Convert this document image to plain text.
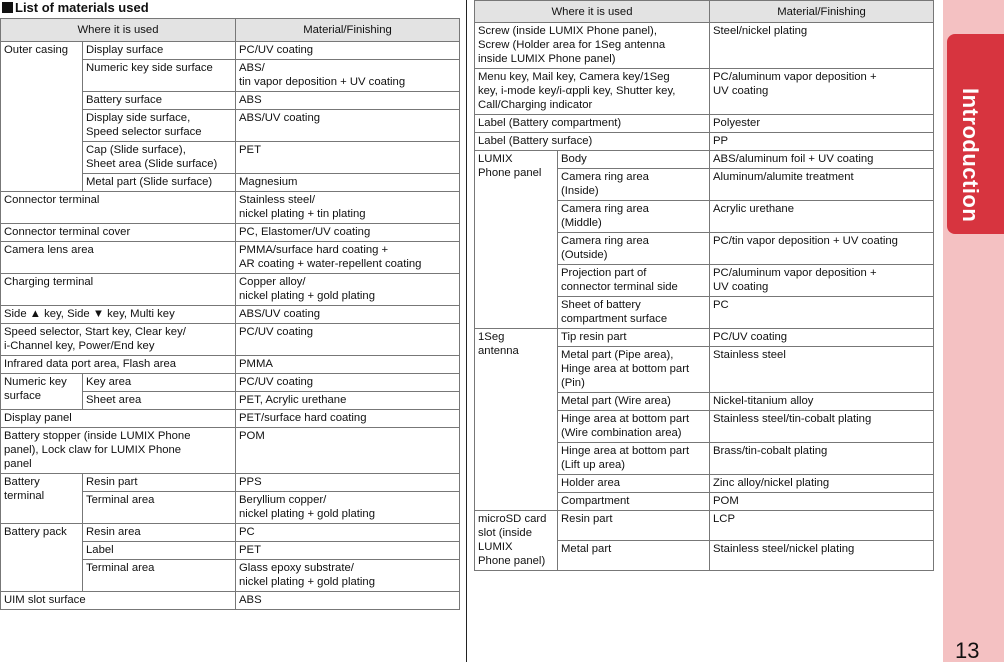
List of materials used
Where it is used		Material/Finishing
Outer casing	Display surface	PC/UV coating
	Numeric key side surface	ABS/
tin vapor deposition + UV coating
	Battery surface	ABS
	Display side surface,
Speed selector surface	ABS/UV coating
	Cap (Slide surface),
Sheet area (Slide surface)	PET
	Metal part (Slide surface)	Magnesium
Connector terminal		Stainless steel/
nickel plating + tin plating
Connector terminal cover		PC, Elastomer/UV coating
Camera lens area		PMMA/surface hard coating +
AR coating + water-repellent coating
Charging terminal		Copper alloy/
nickel plating + gold plating
Side ▲ key, Side ▼ key, Multi key		ABS/UV coating
Speed selector, Start key, Clear key/
i-Channel key, Power/End key		PC/UV coating
Infrared data port area, Flash area		PMMA
Numeric key
surface	Key area	PC/UV coating
	Sheet area	PET, Acrylic urethane
Display panel		PET/surface hard coating
Battery stopper (inside LUMIX Phone
panel), Lock claw for LUMIX Phone
panel		POM
Battery
terminal	Resin part	PPS
	Terminal area	Beryllium copper/
nickel plating + gold plating
Battery pack	Resin area	PC
	Label	PET
	Terminal area	Glass epoxy substrate/
nickel plating + gold plating
UIM slot surface		ABS
Where it is used		Material/Finishing
Screw (inside LUMIX Phone panel),
Screw (Holder area for 1Seg antenna
inside LUMIX Phone panel)		Steel/nickel plating
Menu key, Mail key, Camera key/1Seg
key, i-mode key/i-αppli key, Shutter key,
Call/Charging indicator		PC/aluminum vapor deposition +
UV coating
Label (Battery compartment)		Polyester
Label (Battery surface)		PP
LUMIX
Phone panel	Body	ABS/aluminum foil + UV coating
	Camera ring area
(Inside)	Aluminum/alumite treatment
	Camera ring area
(Middle)	Acrylic urethane
	Camera ring area
(Outside)	PC/tin vapor deposition + UV coating
	Projection part of
connector terminal side	PC/aluminum vapor deposition +
UV coating
	Sheet of battery
compartment surface	PC
1Seg
antenna	Tip resin part	PC/UV coating
	Metal part (Pipe area),
Hinge area at bottom part
(Pin)	Stainless steel
	Metal part (Wire area)	Nickel-titanium alloy
	Hinge area at bottom part
(Wire combination area)	Stainless steel/tin-cobalt plating
	Hinge area at bottom part
(Lift up area)	Brass/tin-cobalt plating
	Holder area	Zinc alloy/nickel plating
	Compartment	POM
microSD card
slot (inside
LUMIX
Phone panel)	Resin part	LCP
	Metal part	Stainless steel/nickel plating
Introduction
13
